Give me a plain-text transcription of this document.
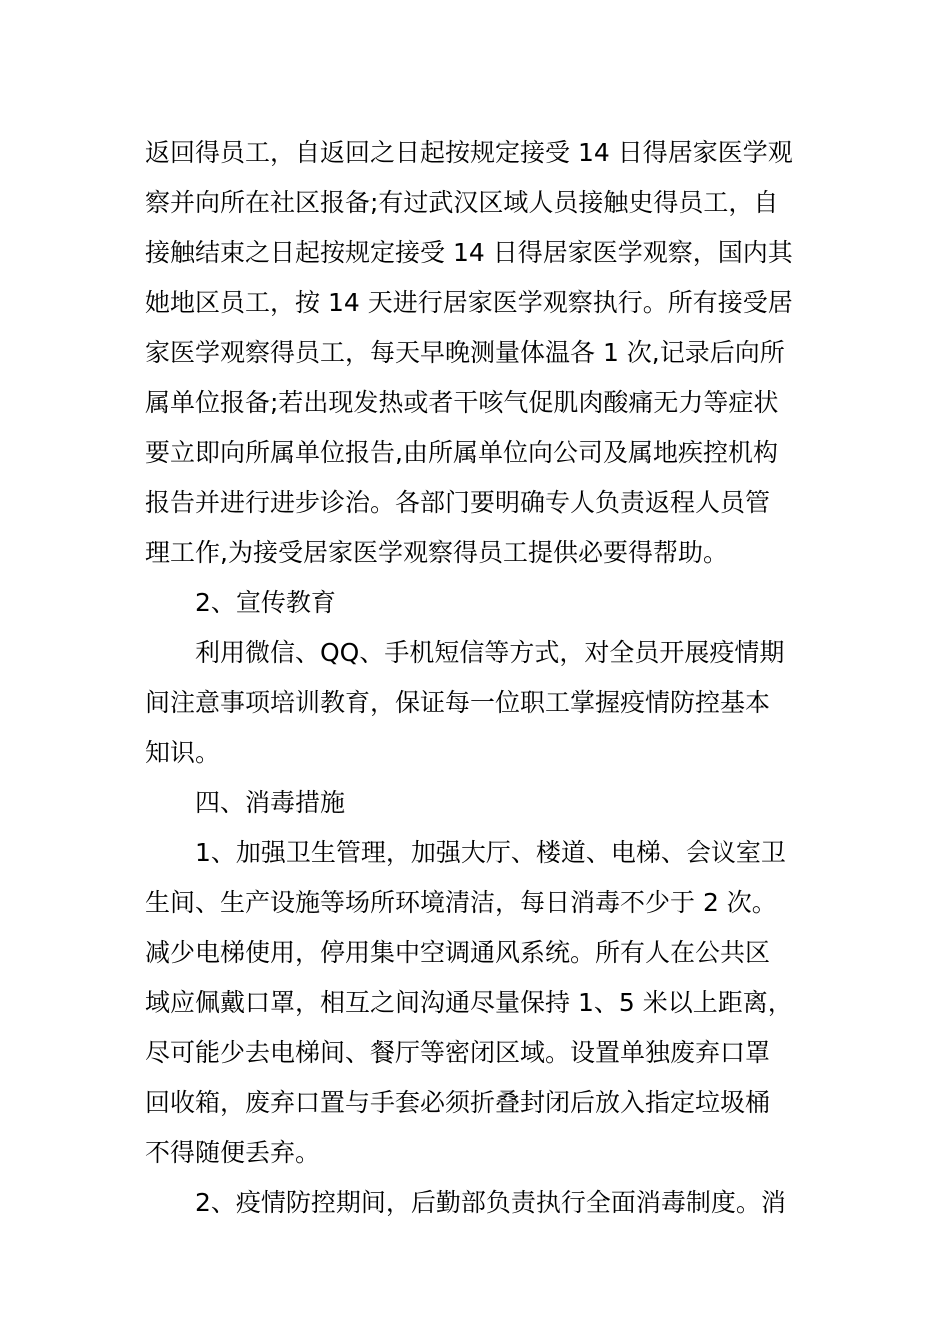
返回得员工，自返回之日起按规定接受 14 日得居家医学观
察并向所在社区报备;有过武汉区域人员接触史得员工，自
接触结束之日起按规定接受 14 日得居家医学观察，国内其
她地区员工，按 14 天进行居家医学观察执行。所有接受居
家医学观察得员工，每天早晚测量体温各 1 次,记录后向所
属单位报备;若出现发热或者干咳气促肌肉酸痛无力等症状
要立即向所属单位报告,由所属单位向公司及属地疾控机构
报告并进行进步诊治。各部门要明确专人负责返程人员管
理工作,为接受居家医学观察得员工提供必要得帮助。
2、宣传教育
利用微信、QQ、手机短信等方式，对全员开展疫情期
间注意事项培训教育，保证每一位职工掌握疫情防控基本
知识。
四、消毒措施
1、加强卫生管理，加强大厅、楼道、电梯、会议室卫
生间、生产设施等场所环境清洁，每日消毒不少于 2 次。
减少电梯使用，停用集中空调通风系统。所有人在公共区
域应佩戴口罩，相互之间沟通尽量保持 1、5 米以上距离，
尽可能少去电梯间、餐厅等密闭区域。设置单独废弃口罩
回收箱，废弃口置与手套必须折叠封闭后放入指定垃圾桶
不得随便丢弃。
2、疫情防控期间，后勤部负责执行全面消毒制度。消
